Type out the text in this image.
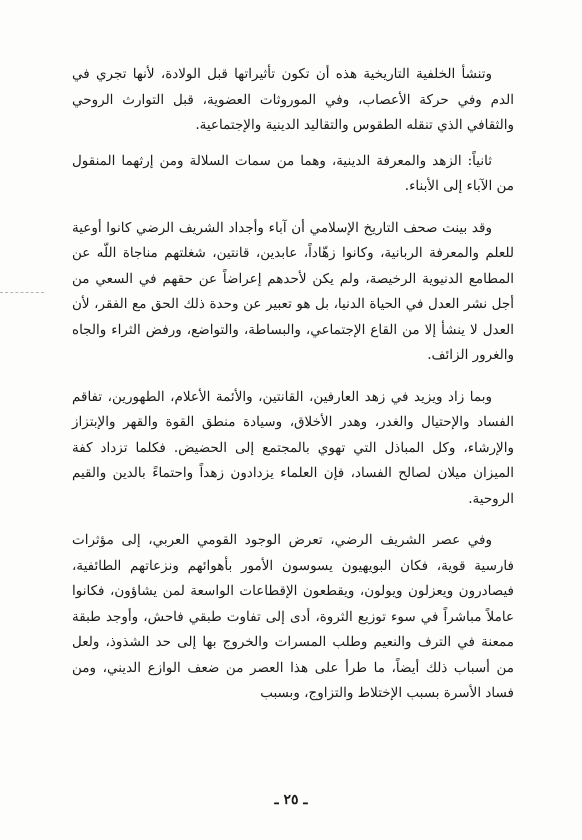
وتنشأ الخلفية التاريخية هذه أن تكون تأثيراتها قبل الولادة، لأنها تجري في الدم وفي حركة الأعصاب، وفي الموروثات العضوية، قبل التوارث الروحي والثقافي الذي تنقله الطقوس والتقاليد الدينية والإجتماعية.

ثانياً: الزهد والمعرفة الدينية، وهما من سمات السلالة ومن إرثهما المنقول من الآباء إلى الأبناء.

وقد بينت صحف التاريخ الإسلامي أن آباء وأجداد الشريف الرضي كانوا أوعية للعلم والمعرفة الربانية، وكانوا زهّاداً، عابدين، قانتين، شغلتهم مناجاة اللّه عن المطامع الدنيوية الرخيصة، ولم يكن لأحدهم إعراضاً عن حقهم في السعي من أجل نشر العدل في الحياة الدنيا، بل هو تعبير عن وحدة ذلك الحق مع الفقر، لأن العدل لا ينشأ إلا من القاع الإجتماعي، والبساطة، والتواضع، ورفض الثراء والجاه والغرور الزائف.

وبما زاد ويزيد في زهد العارفين، القانتين، والأئمة الأعلام، الطهورين، تفاقم الفساد والإحتيال والغدر، وهدر الأخلاق، وسيادة منطق القوة والقهر والإبتزاز والإرشاء، وكل المباذل التي تهوي بالمجتمع إلى الحضيض. فكلما تزداد كفة الميزان ميلان لصالح الفساد، فإن العلماء يزدادون زهداً واحتماءً بالدين والقيم الروحية.

وفي عصر الشريف الرضي، تعرض الوجود القومي العربي، إلى مؤثرات فارسية قوية، فكان البويهيون يسوسون الأمور بأهوائهم ونزعاتهم الطائفية، فيصادرون ويعزلون ويولون، ويقطعون الإقطاعات الواسعة لمن يشاؤون، فكانوا عاملاً مباشراً في سوء توزيع الثروة، أدى إلى تفاوت طبقي فاحش، وأوجد طبقة ممعنة في الترف والنعيم وطلب المسرات والخروج بها إلى حد الشذوذ، ولعل من أسباب ذلك أيضاً، ما طرأ على هذا العصر من ضعف الوازع الديني، ومن فساد الأسرة بسبب الإختلاط والتزاوج، وبسبب

ـ ٢٥ ـ
